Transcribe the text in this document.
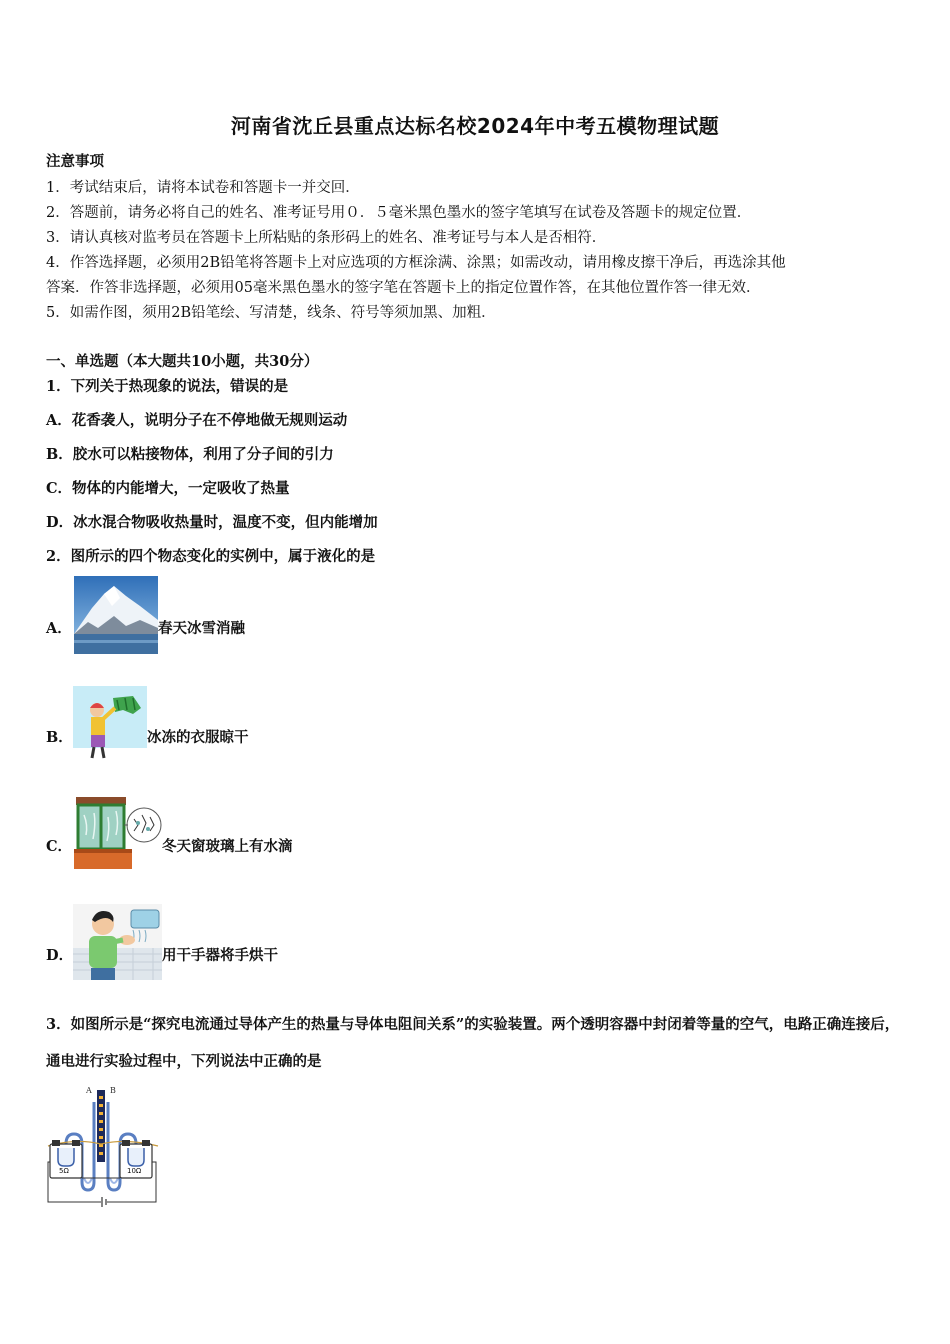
河南省沈丘县重点达标名校2024年中考五模物理试题
注意事项
1．考试结束后，请将本试卷和答题卡一并交回．
2．答题前，请务必将自己的姓名、准考证号用０．５毫米黑色墨水的签字笔填写在试卷及答题卡的规定位置．
3．请认真核对监考员在答题卡上所粘贴的条形码上的姓名、准考证号与本人是否相符．
4．作答选择题，必须用2B铅笔将答题卡上对应选项的方框涂满、涂黑；如需改动，请用橡皮擦干净后，再选涂其他
答案．作答非选择题，必须用05毫米黑色墨水的签字笔在答题卡上的指定位置作答，在其他位置作答一律无效．
5．如需作图，须用2B铅笔绘、写清楚，线条、符号等须加黑、加粗．
一、单选题（本大题共10小题，共30分）
1．下列关于热现象的说法，错误的是
A．花香袭人，说明分子在不停地做无规则运动
B．胶水可以粘接物体，利用了分子间的引力
C．物体的内能增大，一定吸收了热量
D．冰水混合物吸收热量时，温度不变，但内能增加
2．图所示的四个物态变化的实例中，属于液化的是
A．	春天冰雪消融
B．	冰冻的衣服晾干
C．	冬天窗玻璃上有水滴
D．	用干手器将手烘干
3．如图所示是“探究电流通过导体产生的热量与导体电阻间关系”的实验装置。两个透明容器中封闭着等量的空气，电路正确连接后，通电进行实验过程中，下列说法中正确的是
A B
5Ω	10Ω
